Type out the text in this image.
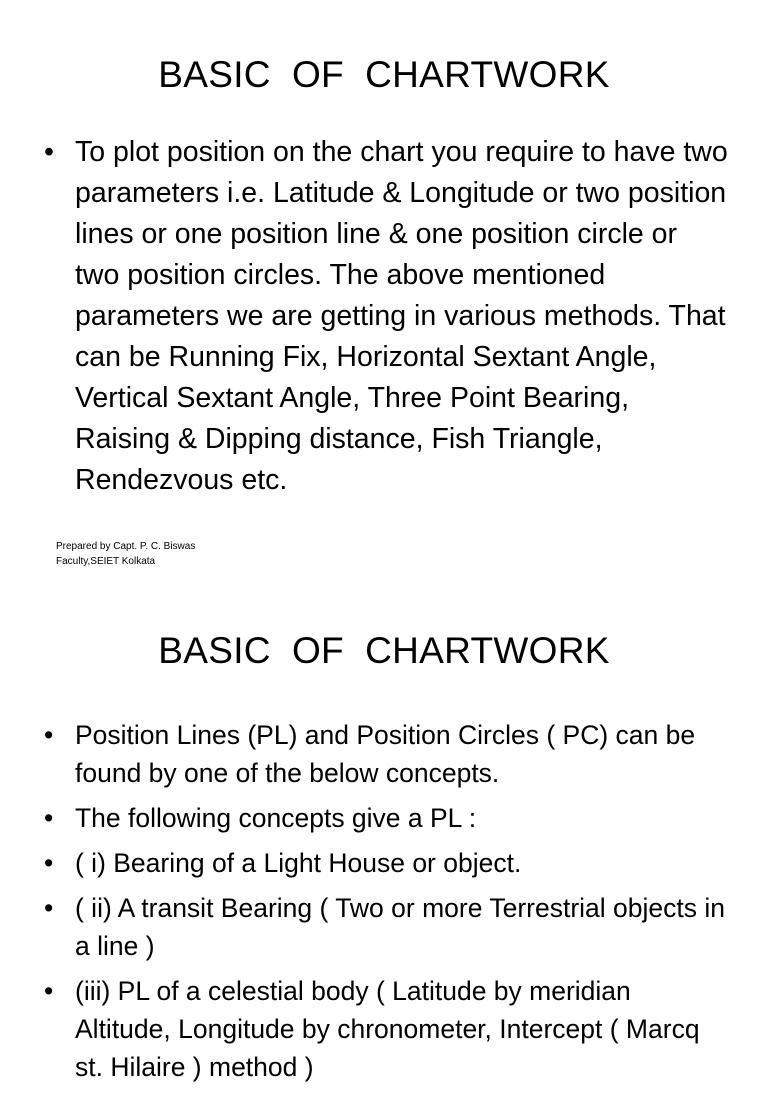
BASIC  OF  CHARTWORK
• To plot position on the chart you require to have two parameters i.e. Latitude & Longitude or two position lines or one position line & one position circle or two position circles. The above mentioned parameters we are getting in various methods. That can be Running Fix, Horizontal Sextant Angle, Vertical Sextant Angle, Three Point Bearing, Raising & Dipping distance, Fish Triangle, Rendezvous etc.
Prepared by Capt. P. C. Biswas
Faculty,SEIET Kolkata
BASIC  OF  CHARTWORK
• Position Lines (PL) and Position Circles ( PC) can be found by one of the below concepts.
• The following concepts give a PL :
• ( i) Bearing of a Light House or object.
• ( ii) A transit Bearing ( Two or more Terrestrial objects in a line )
• (iii) PL of a celestial body ( Latitude by meridian Altitude, Longitude by chronometer, Intercept ( Marcq st. Hilaire ) method )
